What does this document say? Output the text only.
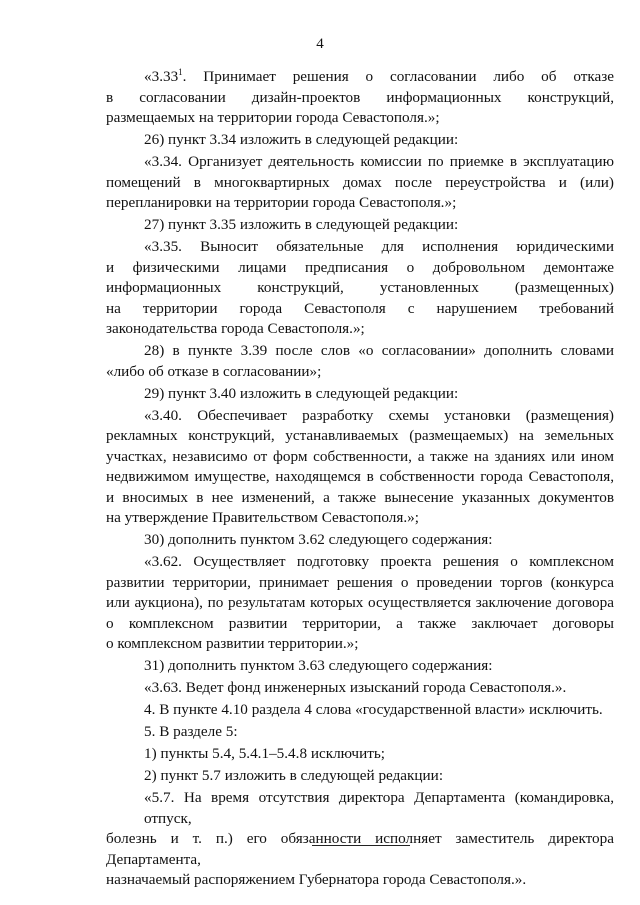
4
«3.33$^1$. Принимает решения о согласовании либо об отказе
в согласовании дизайн-проектов информационных конструкций,
размещаемых на территории города Севастополя.»;
26) пункт 3.34 изложить в следующей редакции:
«3.34. Организует деятельность комиссии по приемке в эксплуатацию
помещений в многоквартирных домах после переустройства и (или)
перепланировки на территории города Севастополя.»;
27) пункт 3.35 изложить в следующей редакции:
«3.35. Выносит обязательные для исполнения юридическими
и физическими лицами предписания о добровольном демонтаже
информационных конструкций, установленных (размещенных)
на территории города Севастополя с нарушением требований
законодательства города Севастополя.»;
28) в пункте 3.39 после слов «о согласовании» дополнить словами
«либо об отказе в согласовании»;
29) пункт 3.40 изложить в следующей редакции:
«3.40. Обеспечивает разработку схемы установки (размещения)
рекламных конструкций, устанавливаемых (размещаемых) на земельных
участках, независимо от форм собственности, а также на зданиях или ином
недвижимом имуществе, находящемся в собственности города Севастополя,
и вносимых в нее изменений, а также вынесение указанных документов
на утверждение Правительством Севастополя.»;
30) дополнить пунктом 3.62 следующего содержания:
«3.62. Осуществляет подготовку проекта решения о комплексном
развитии территории, принимает решения о проведении торгов (конкурса
или аукциона), по результатам которых осуществляется заключение договора
о комплексном развитии территории, а также заключает договоры
о комплексном развитии территории.»;
31) дополнить пунктом 3.63 следующего содержания:
«3.63. Ведет фонд инженерных изысканий города Севастополя.».
4. В пункте 4.10 раздела 4 слова «государственной власти» исключить.
5. В разделе 5:
1) пункты 5.4, 5.4.1–5.4.8 исключить;
2) пункт 5.7 изложить в следующей редакции:
«5.7. На время отсутствия директора Департамента (командировка, отпуск,
болезнь и т. п.) его обязанности исполняет заместитель директора Департамента,
назначаемый распоряжением Губернатора города Севастополя.».
